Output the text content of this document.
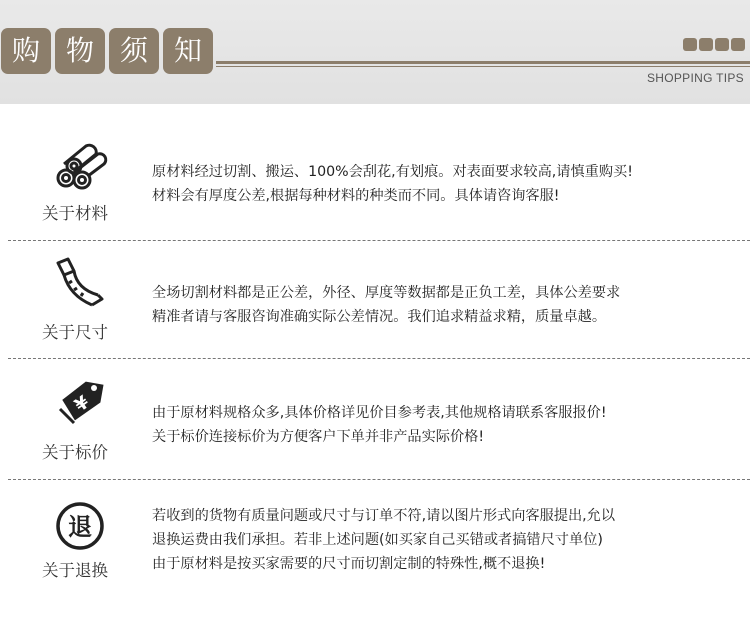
购 物 须 知
SHOPPING TIPS
关于材料
原材料经过切割、搬运、100%会刮花,有划痕。对表面要求较高,请慎重购买!
材料会有厚度公差,根据每种材料的种类而不同。具体请咨询客服!
关于尺寸
全场切割材料都是正公差，外径、厚度等数据都是正负工差，具体公差要求
精准者请与客服咨询准确实际公差情况。我们追求精益求精，质量卓越。
¥
关于标价
由于原材料规格众多,具体价格详见价目参考表,其他规格请联系客服报价!
关于标价连接标价为方便客户下单并非产品实际价格!
退
关于退换
若收到的货物有质量问题或尺寸与订单不符,请以图片形式向客服提出,允以
退换运费由我们承担。若非上述问题(如买家自己买错或者搞错尺寸单位)
由于原材料是按买家需要的尺寸而切割定制的特殊性,概不退换!
